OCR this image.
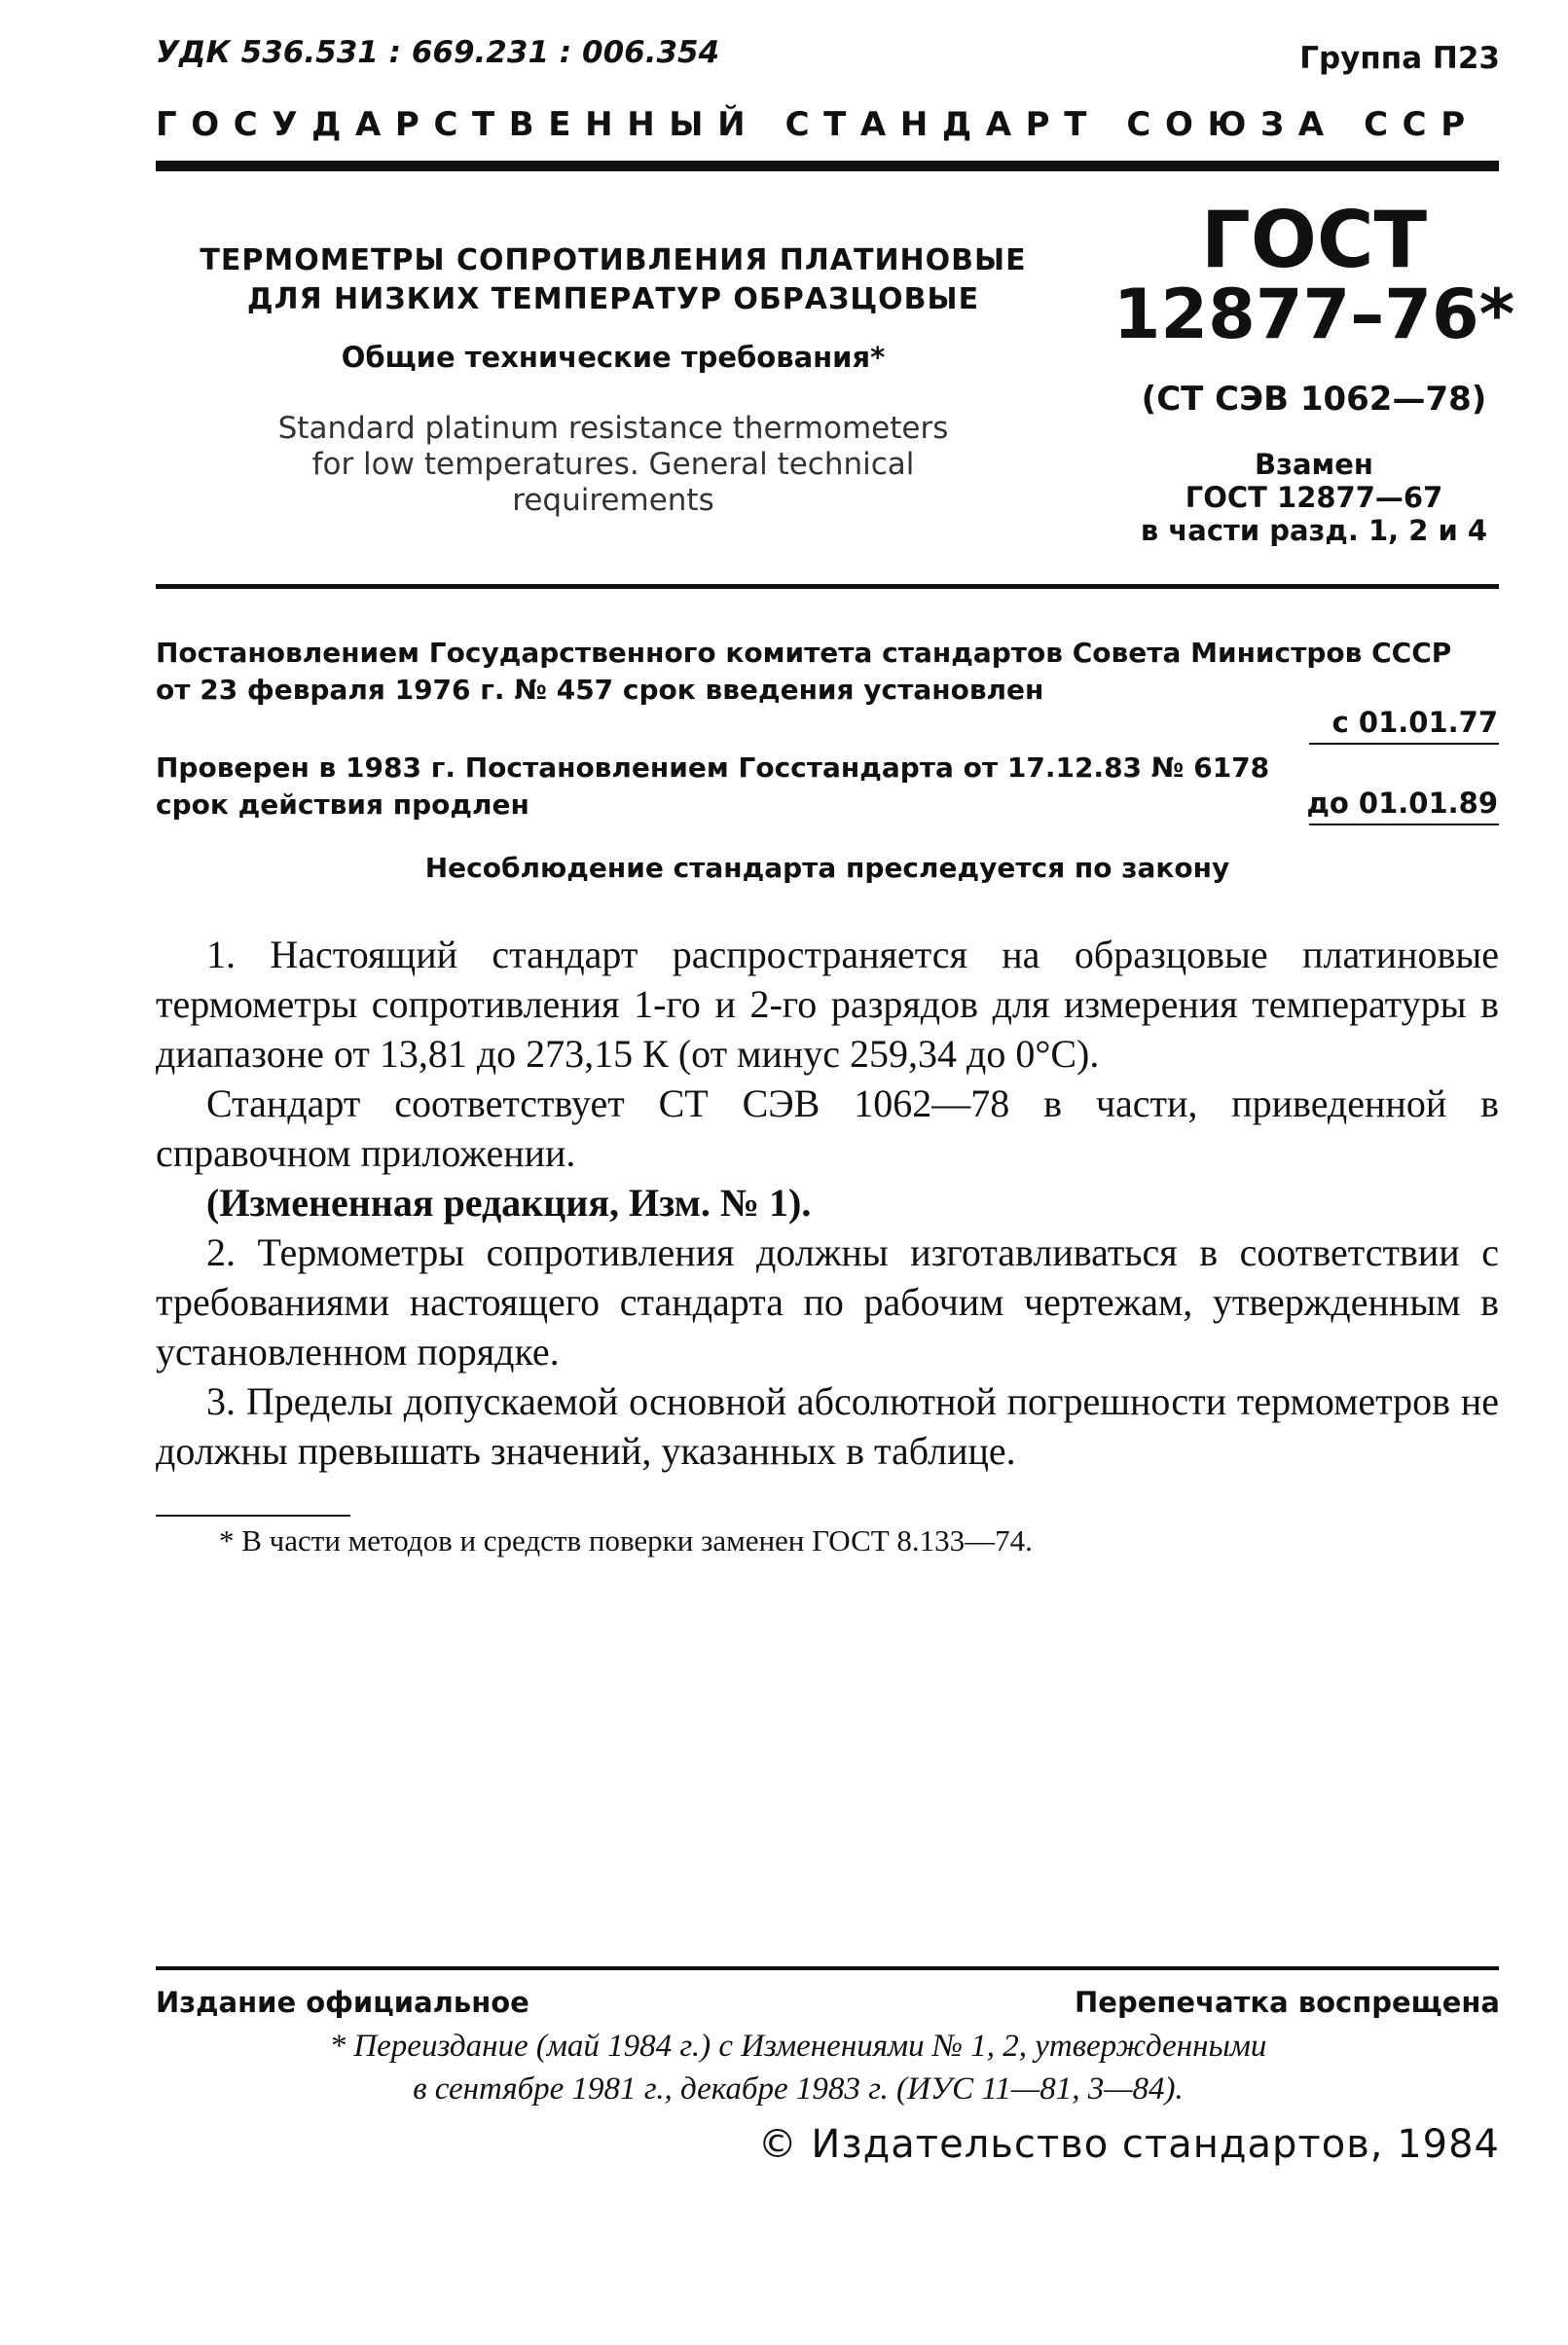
УДК 536.531 : 669.231 : 006.354	Группа П23
ГОСУДАРСТВЕННЫЙ СТАНДАРТ СОЮЗА ССР
ТЕРМОМЕТРЫ СОПРОТИВЛЕНИЯ ПЛАТИНОВЫЕ
ДЛЯ НИЗКИХ ТЕМПЕРАТУР ОБРАЗЦОВЫЕ
Общие технические требования*
Standard platinum resistance thermometers
for low temperatures. General technical
requirements
ГОСТ
12877–76*
(СТ СЭВ 1062—78)
Взамен
ГОСТ 12877—67
в части разд. 1, 2 и 4
Постановлением Государственного комитета стандартов Совета Министров СССР
от 23 февраля 1976 г. № 457 срок введения установлен
с 01.01.77
Проверен в 1983 г. Постановлением Госстандарта от 17.12.83 № 6178
срок действия продлен	до 01.01.89
Несоблюдение стандарта преследуется по закону
1. Настоящий стандарт распространяется на образцовые платиновые термометры сопротивления 1-го и 2-го разрядов для измерения температуры в диапазоне от 13,81 до 273,15 К (от минус 259,34 до 0°С).
Стандарт соответствует СТ СЭВ 1062—78 в части, приведенной в справочном приложении.
(Измененная редакция, Изм. № 1).
2. Термометры сопротивления должны изготавливаться в соответствии с требованиями настоящего стандарта по рабочим чертежам, утвержденным в установленном порядке.
3. Пределы допускаемой основной абсолютной погрешности термометров не должны превышать значений, указанных в таблице.
* В части методов и средств поверки заменен ГОСТ 8.133—74.
Издание официальное	Перепечатка воспрещена
* Переиздание (май 1984 г.) с Изменениями № 1, 2, утвержденными
в сентябре 1981 г., декабре 1983 г. (ИУС 11—81, 3—84).
© Издательство стандартов, 1984
